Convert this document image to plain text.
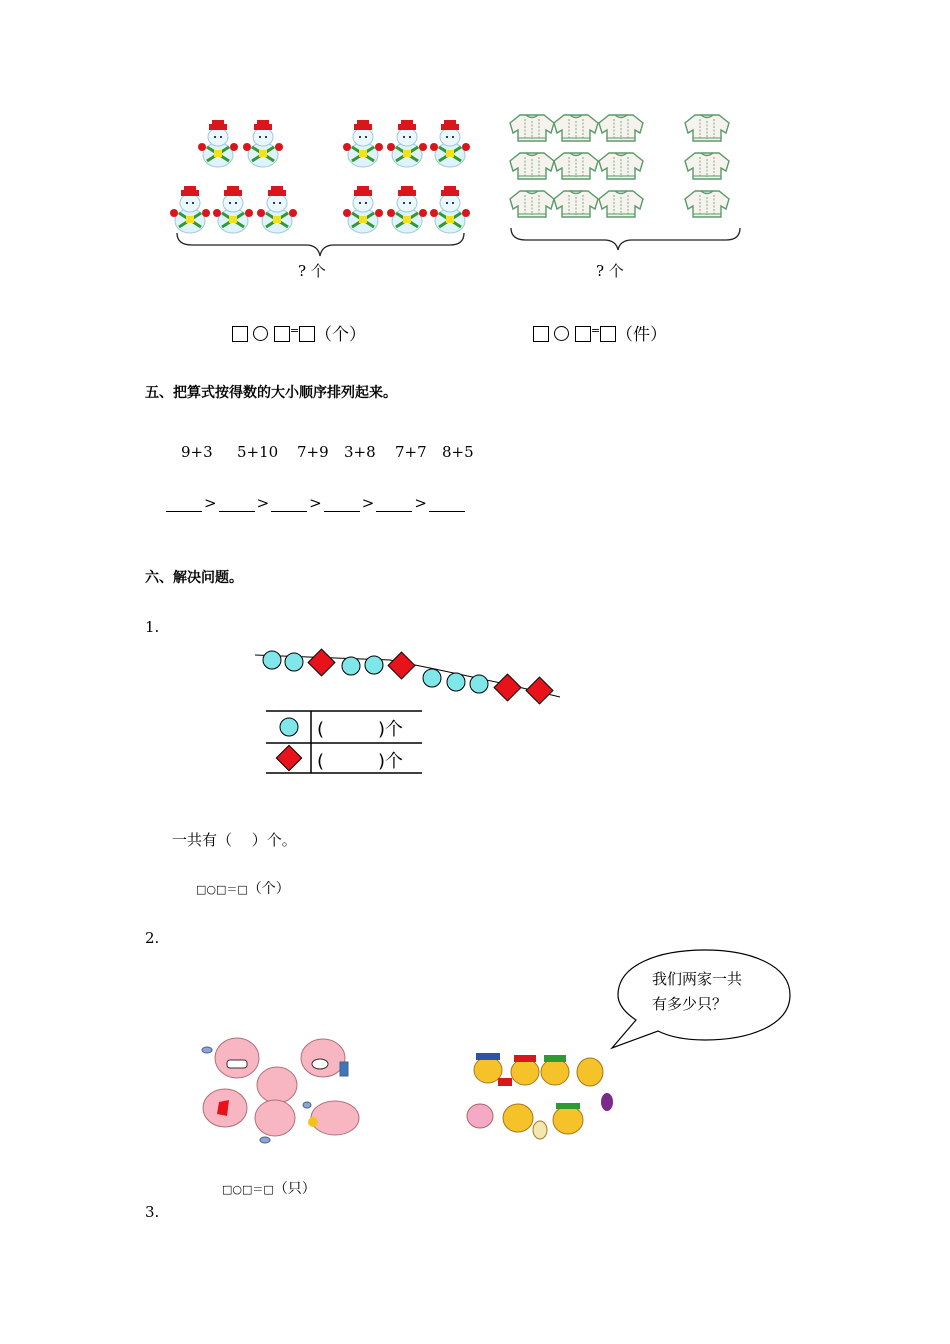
? 个	? 个
= （个）	= （件）
五、把算式按得数的大小顺序排列起来。
9+3 5+10 7+9 3+8 7+7 8+5
>	>	>	>	>
六、解决问题。
1.
(　　　)个
(　　　)个
一共有（　 ）个。
□○□＝□（个）
2.
我们两家一共
有多少只？
□○□＝□（只）
3.
